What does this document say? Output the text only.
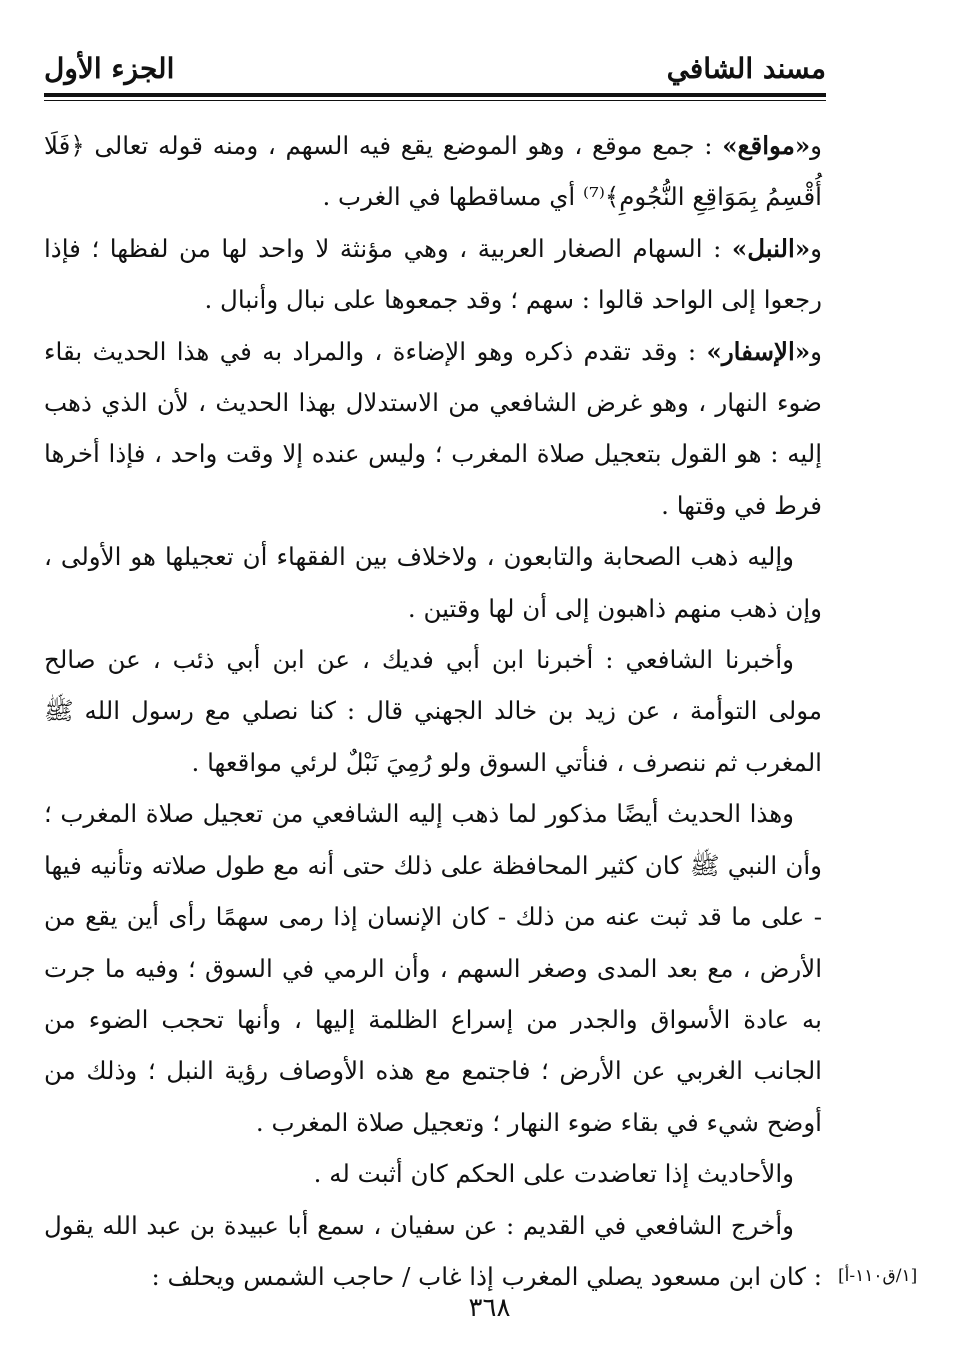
مسند الشافي
الجزء الأول

و«مواقع» : جمع موقع ، وهو الموضع يقع فيه السهم ، ومنه قوله تعالى ﴿فَلَا أُقْسِمُ بِمَوَاقِعِ النُّجُومِ﴾⁽⁷⁾ أي مساقطها في الغرب .

و«النبل» : السهام الصغار العربية ، وهي مؤنثة لا واحد لها من لفظها ؛ فإذا رجعوا إلى الواحد قالوا : سهم ؛ وقد جمعوها على نبال وأنبال .

و«الإسفار» : وقد تقدم ذكره وهو الإضاءة ، والمراد به في هذا الحديث بقاء ضوء النهار ، وهو غرض الشافعي من الاستدلال بهذا الحديث ، لأن الذي ذهب إليه : هو القول بتعجيل صلاة المغرب ؛ وليس عنده إلا وقت واحد ، فإذا أخرها فرط في وقتها .

وإليه ذهب الصحابة والتابعون ، ولاخلاف بين الفقهاء أن تعجيلها هو الأولى ، وإن ذهب منهم ذاهبون إلى أن لها وقتين .

وأخبرنا الشافعي : أخبرنا ابن أبي فديك ، عن ابن أبي ذئب ، عن صالح مولى التوأمة ، عن زيد بن خالد الجهني قال : كنا نصلي مع رسول الله ﷺ المغرب ثم ننصرف ، فنأتي السوق ولو رُمِيَ نَبْلٌ لرئي مواقعها .

وهذا الحديث أيضًا مذكور لما ذهب إليه الشافعي من تعجيل صلاة المغرب ؛ وأن النبي ﷺ كان كثير المحافظة على ذلك حتى أنه مع طول صلاته وتأنيه فيها - على ما قد ثبت عنه من ذلك - كان الإنسان إذا رمى سهمًا رأى أين يقع من الأرض ، مع بعد المدى وصغر السهم ، وأن الرمي في السوق ؛ وفيه ما جرت به عادة الأسواق والجدر من إسراع الظلمة إليها ، وأنها تحجب الضوء من الجانب الغربي عن الأرض ؛ فاجتمع مع هذه الأوصاف رؤية النبل ؛ وذلك من أوضح شيء في بقاء ضوء النهار ؛ وتعجيل صلاة المغرب .

والأحاديث إذا تعاضدت على الحكم كان أثبت له .

وأخرج الشافعي في القديم : عن سفيان ، سمع أبا عبيدة بن عبد الله يقول : كان ابن مسعود يصلي المغرب إذا غاب / حاجب الشمس ويحلف : [١/ق١١٠-أ]
٣٦٨
